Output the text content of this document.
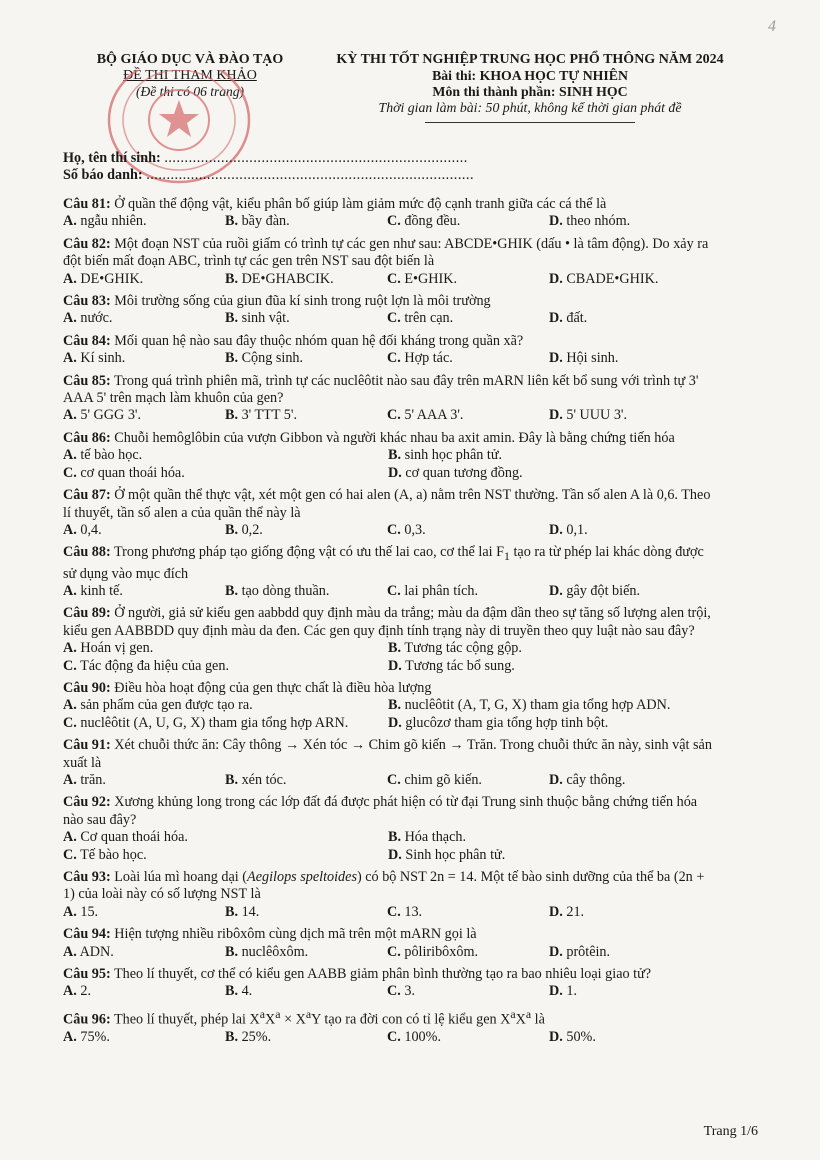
4
BỘ GIÁO DỤC VÀ ĐÀO TẠO
ĐỀ THI THAM KHẢO
(Đề thi có 06 trang)
KỲ THI TỐT NGHIỆP TRUNG HỌC PHỔ THÔNG NĂM 2024
Bài thi: KHOA HỌC TỰ NHIÊN
Môn thi thành phần: SINH HỌC
Thời gian làm bài: 50 phút, không kể thời gian phát đề
Họ, tên thí sinh: ...........................................................................
Số báo danh: .................................................................................
Câu 81: Ở quần thể động vật, kiểu phân bố giúp làm giảm mức độ cạnh tranh giữa các cá thể là
A. ngẫu nhiên.	B. bầy đàn.	C. đồng đều.	D. theo nhóm.
Câu 82: Một đoạn NST của ruồi giấm có trình tự các gen như sau: ABCDE•GHIK (dấu • là tâm động). Do xảy ra đột biến mất đoạn ABC, trình tự các gen trên NST sau đột biến là
A. DE•GHIK.	B. DE•GHABCIK.	C. E•GHIK.	D. CBADE•GHIK.
Câu 83: Môi trường sống của giun đũa kí sinh trong ruột lợn là môi trường
A. nước.	B. sinh vật.	C. trên cạn.	D. đất.
Câu 84: Mối quan hệ nào sau đây thuộc nhóm quan hệ đối kháng trong quần xã?
A. Kí sinh.	B. Cộng sinh.	C. Hợp tác.	D. Hội sinh.
Câu 85: Trong quá trình phiên mã, trình tự các nuclêôtit nào sau đây trên mARN liên kết bổ sung với trình tự 3' AAA 5' trên mạch làm khuôn của gen?
A. 5' GGG 3'.	B. 3' TTT 5'.	C. 5' AAA 3'.	D. 5' UUU 3'.
Câu 86: Chuỗi hemôglôbin của vượn Gibbon và người khác nhau ba axit amin. Đây là bằng chứng tiến hóa
A. tế bào học.	B. sinh học phân tử.
C. cơ quan thoái hóa.	D. cơ quan tương đồng.
Câu 87: Ở một quần thể thực vật, xét một gen có hai alen (A, a) nằm trên NST thường. Tần số alen A là 0,6. Theo lí thuyết, tần số alen a của quần thể này là
A. 0,4.	B. 0,2.	C. 0,3.	D. 0,1.
Câu 88: Trong phương pháp tạo giống động vật có ưu thế lai cao, cơ thể lai $F_1$ tạo ra từ phép lai khác dòng được sử dụng vào mục đích
A. kinh tế.	B. tạo dòng thuần.	C. lai phân tích.	D. gây đột biến.
Câu 89: Ở người, giả sử kiểu gen aabbdd quy định màu da trắng; màu da đậm dần theo sự tăng số lượng alen trội, kiểu gen AABBDD quy định màu da đen. Các gen quy định tính trạng này di truyền theo quy luật nào sau đây?
A. Hoán vị gen.	B. Tương tác cộng gộp.
C. Tác động đa hiệu của gen.	D. Tương tác bổ sung.
Câu 90: Điều hòa hoạt động của gen thực chất là điều hòa lượng
A. sản phẩm của gen được tạo ra.	B. nuclêôtit (A, T, G, X) tham gia tổng hợp ADN.
C. nuclêôtit (A, U, G, X) tham gia tổng hợp ARN.	D. glucôzơ tham gia tổng hợp tinh bột.
Câu 91: Xét chuỗi thức ăn: Cây thông → Xén tóc → Chim gõ kiến → Trăn. Trong chuỗi thức ăn này, sinh vật sản xuất là
A. trăn.	B. xén tóc.	C. chim gõ kiến.	D. cây thông.
Câu 92: Xương khủng long trong các lớp đất đá được phát hiện có từ đại Trung sinh thuộc bằng chứng tiến hóa nào sau đây?
A. Cơ quan thoái hóa.	B. Hóa thạch.
C. Tế bào học.	D. Sinh học phân tử.
Câu 93: Loài lúa mì hoang dại (Aegilops speltoides) có bộ NST 2n = 14. Một tế bào sinh dưỡng của thể ba (2n + 1) của loài này có số lượng NST là
A. 15.	B. 14.	C. 13.	D. 21.
Câu 94: Hiện tượng nhiều ribôxôm cùng dịch mã trên một mARN gọi là
A. ADN.	B. nuclêôxôm.	C. pôliribôxôm.	D. prôtêin.
Câu 95: Theo lí thuyết, cơ thể có kiểu gen AABB giảm phân bình thường tạo ra bao nhiêu loại giao tử?
A. 2.	B. 4.	C. 3.	D. 1.
Câu 96: Theo lí thuyết, phép lai $X^aX^a \times X^aY$ tạo ra đời con có tỉ lệ kiểu gen $X^aX^a$ là
A. 75%.	B. 25%.	C. 100%.	D. 50%.
Trang 1/6
